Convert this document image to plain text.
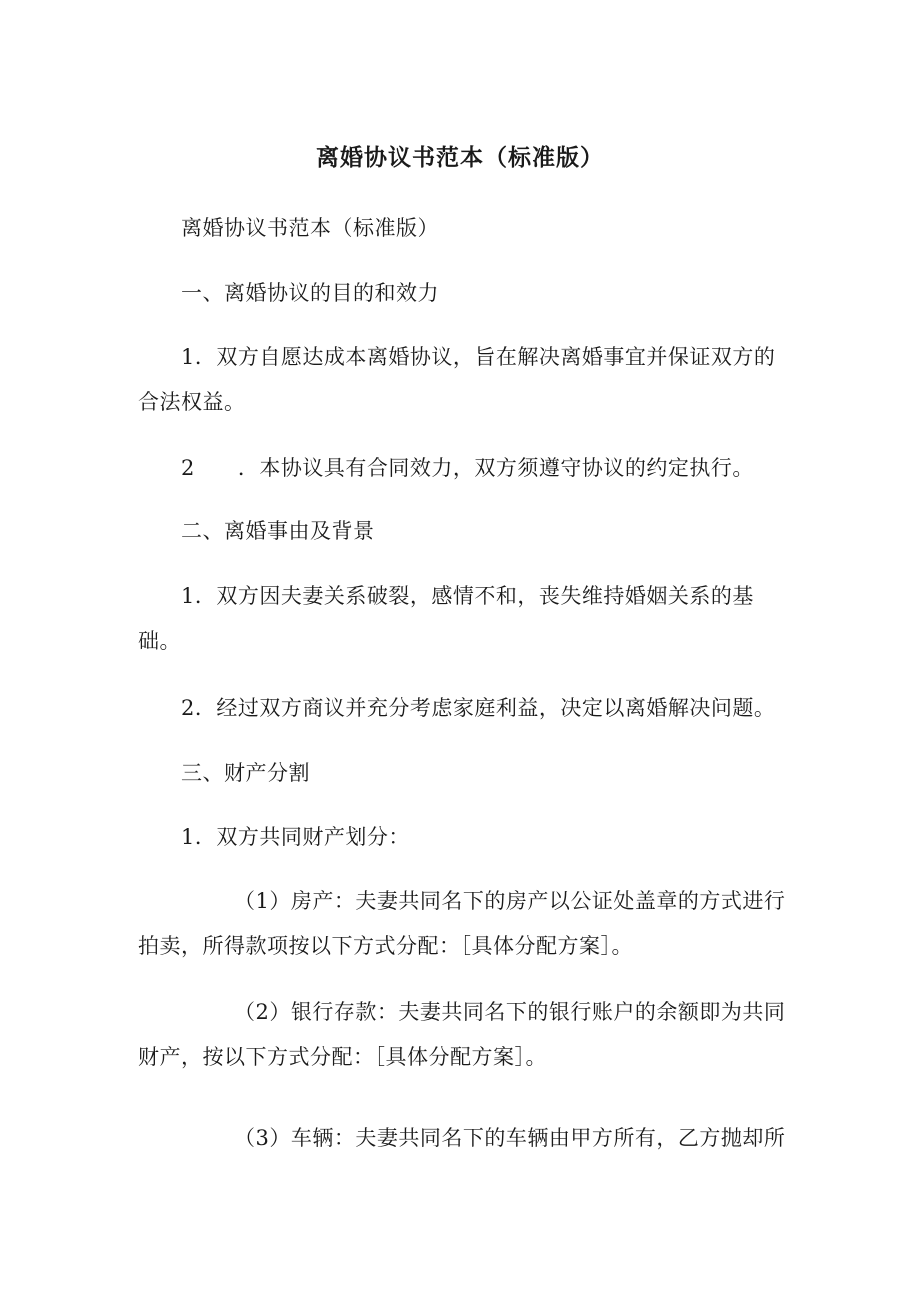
离婚协议书范本（标准版）
离婚协议书范本（标准版）
一、离婚协议的目的和效力
1．双方自愿达成本离婚协议，旨在解决离婚事宜并保证双方的合法权益。
2　　．本协议具有合同效力，双方须遵守协议的约定执行。
二、离婚事由及背景
1．双方因夫妻关系破裂，感情不和，丧失维持婚姻关系的基础。
2．经过双方商议并充分考虑家庭利益，决定以离婚解决问题。
三、财产分割
1．双方共同财产划分：
（1）房产：夫妻共同名下的房产以公证处盖章的方式进行拍卖，所得款项按以下方式分配：［具体分配方案］。
（2）银行存款：夫妻共同名下的银行账户的余额即为共同财产，按以下方式分配：［具体分配方案］。
（3）车辆：夫妻共同名下的车辆由甲方所有，乙方抛却所
